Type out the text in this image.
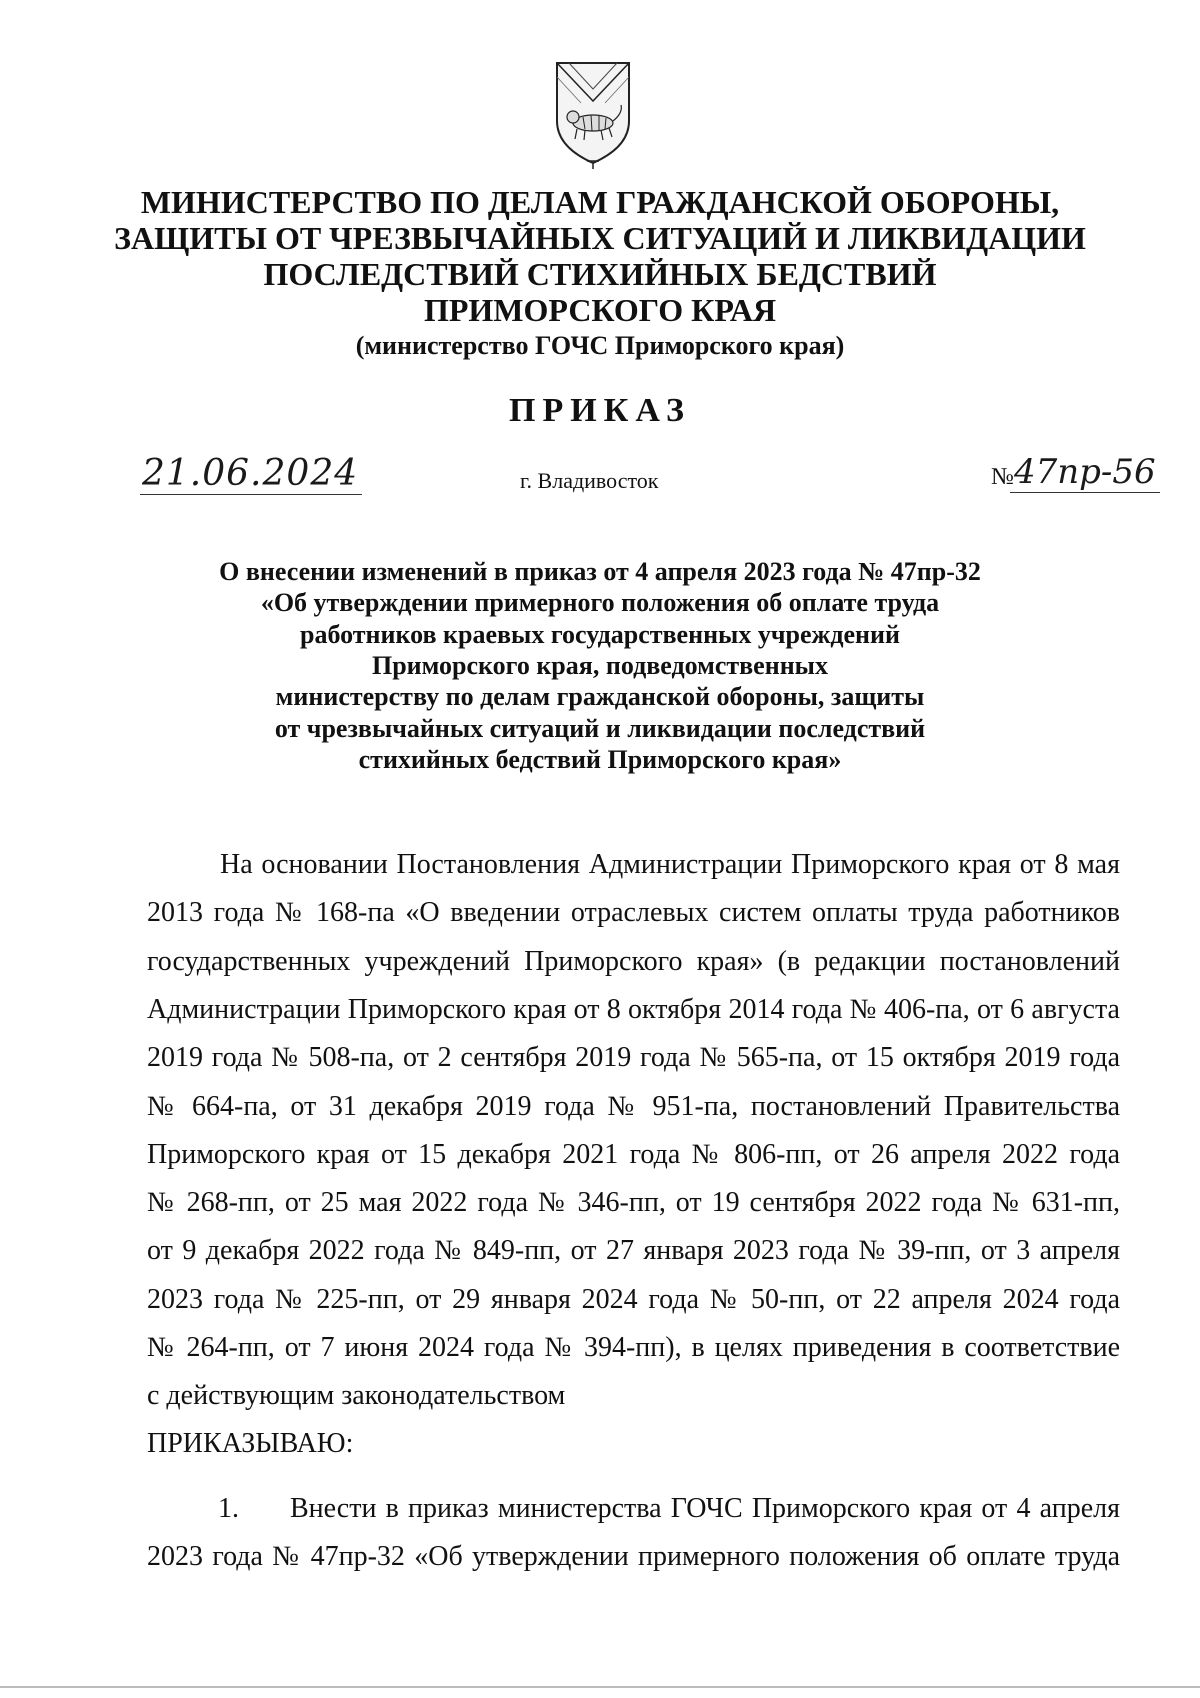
МИНИСТЕРСТВО ПО ДЕЛАМ ГРАЖДАНСКОЙ ОБОРОНЫ,
ЗАЩИТЫ ОТ ЧРЕЗВЫЧАЙНЫХ СИТУАЦИЙ И ЛИКВИДАЦИИ
ПОСЛЕДСТВИЙ СТИХИЙНЫХ БЕДСТВИЙ
ПРИМОРСКОГО КРАЯ
(министерство ГОЧС Приморского края)
ПРИКАЗ
21.06.2024	г. Владивосток	№ 47пр-56
О внесении изменений в приказ от 4 апреля 2023 года № 47пр-32
«Об утверждении примерного положения об оплате труда
работников краевых государственных учреждений
Приморского края, подведомственных
министерству по делам гражданской обороны, защиты
от чрезвычайных ситуаций и ликвидации последствий
стихийных бедствий Приморского края»
На основании Постановления Администрации Приморского края от 8 мая
2013 года № 168-па «О введении отраслевых систем оплаты труда работников
государственных учреждений Приморского края» (в редакции постановлений
Администрации Приморского края от 8 октября 2014 года № 406-па, от 6 августа
2019 года № 508-па, от 2 сентября 2019 года № 565-па, от 15 октября 2019 года
№ 664-па, от 31 декабря 2019 года № 951-па, постановлений Правительства
Приморского края от 15 декабря 2021 года № 806-пп, от 26 апреля 2022 года
№ 268-пп, от 25 мая 2022 года № 346-пп, от 19 сентября 2022 года № 631-пп,
от 9 декабря 2022 года № 849-пп, от 27 января 2023 года № 39-пп, от 3 апреля
2023 года № 225-пп, от 29 января 2024 года № 50-пп, от 22 апреля 2024 года
№ 264-пп, от 7 июня 2024 года № 394-пп), в целях приведения в соответствие
с действующим законодательством
ПРИКАЗЫВАЮ:
1. Внести в приказ министерства ГОЧС Приморского края от 4 апреля
2023 года № 47пр-32 «Об утверждении примерного положения об оплате труда
